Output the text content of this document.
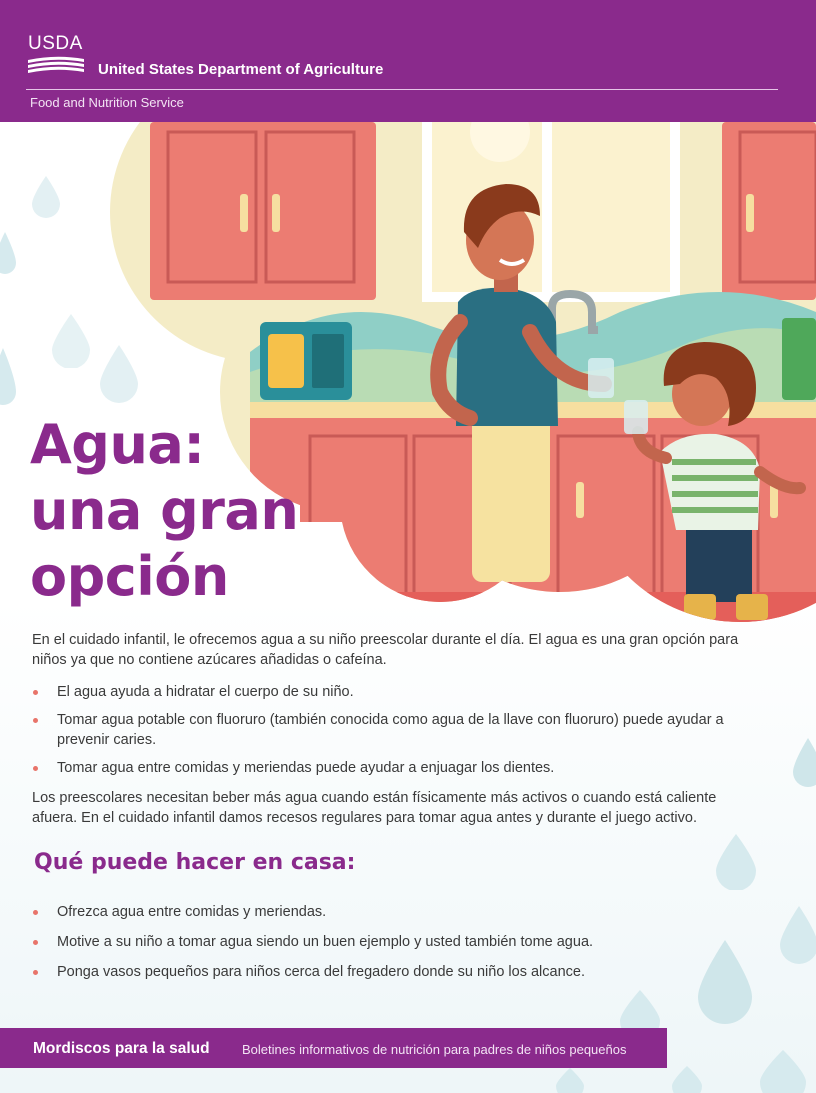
USDA
United States Department of Agriculture
Food and Nutrition Service
Agua:
una gran
opción

En el cuidado infantil, le ofrecemos agua a su niño preescolar durante el día. El agua es una gran opción para niños ya que no contiene azúcares añadidas o cafeína.

El agua ayuda a hidratar el cuerpo de su niño.
Tomar agua potable con fluoruro (también conocida como agua de la llave con fluoruro) puede ayudar a prevenir caries.
Tomar agua entre comidas y meriendas puede ayudar a enjuagar los dientes.

Los preescolares necesitan beber más agua cuando están físicamente más activos o cuando está caliente afuera. En el cuidado infantil damos recesos regulares para tomar agua antes y durante el juego activo.

Qué puede hacer en casa:
Ofrezca agua entre comidas y meriendas.
Motive a su niño a tomar agua siendo un buen ejemplo y usted también tome agua.
Ponga vasos pequeños para niños cerca del fregadero donde su niño los alcance.
Mordiscos para la salud Boletines informativos de nutrición para padres de niños pequeños
